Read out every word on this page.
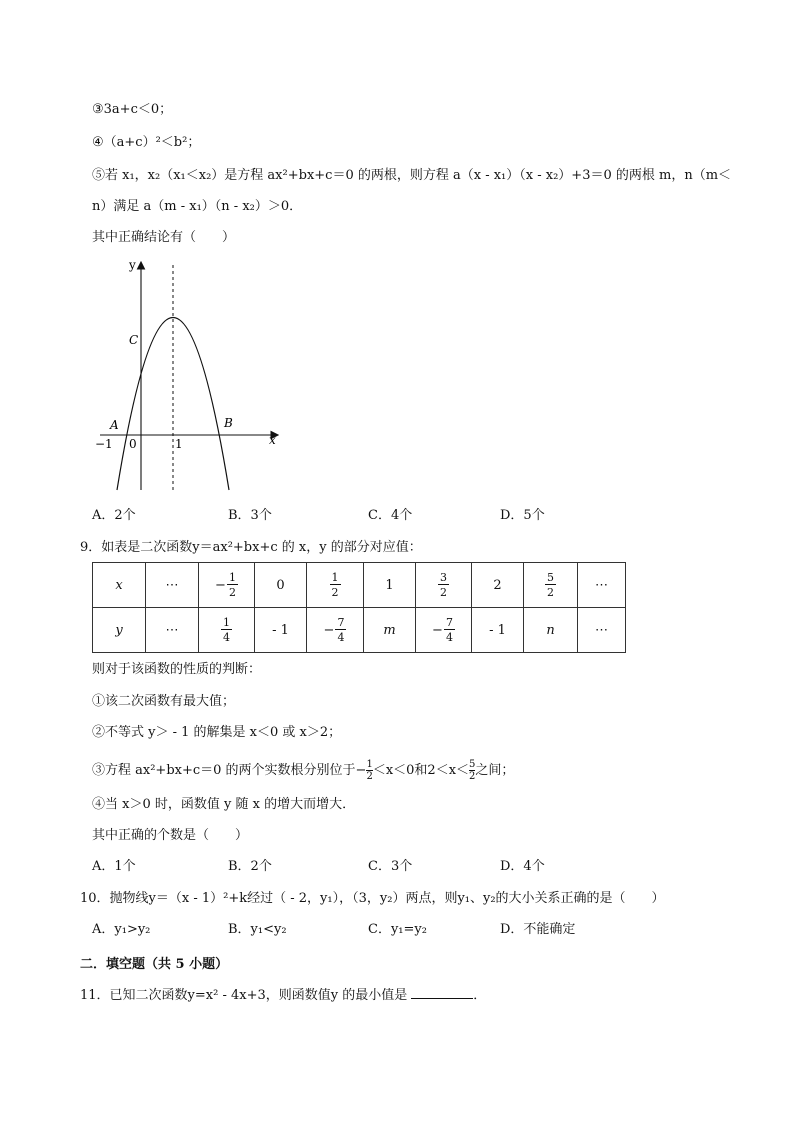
③3a+c＜0；
④（a+c）²＜b²；
⑤若 x₁，x₂（x₁＜x₂）是方程 ax²+bx+c＝0 的两根，则方程 a（x - x₁）（x - x₂）+3＝0 的两根 m，n（m＜
n）满足 a（m - x₁）（n - x₂）＞0．
其中正确结论有（　　）
y
x
C
A	B
−1 0	1
A．2个	B．3个	C．4个	D．5个
9．如表是二次函数y＝ax²+bx+c 的 x，y 的部分对应值：
x	⋯	− $\frac{1}{2}$	0	$\frac{1}{2}$	1	$\frac{3}{2}$	2	$\frac{5}{2}$	⋯
y	⋯	$\frac{1}{4}$	- 1	− $\frac{7}{4}$	m	− $\frac{7}{4}$	- 1	n	⋯
则对于该函数的性质的判断：
①该二次函数有最大值；
②不等式 y＞ - 1 的解集是 x＜0 或 x＞2；
③方程 ax²+bx+c＝0 的两个实数根分别位于− $\frac{1}{2} <x<0$和$2<x< \frac{5}{2}$ 之间；
④当 x＞0 时，函数值 y 随 x 的增大而增大．
其中正确的个数是（　　）
A．1个	B．2个	C．3个	D．4个
10．抛物线y＝（x - 1）²+k经过（ - 2，y₁），（3，y₂）两点，则y₁、y₂的大小关系正确的是（　　）
A．y₁>y₂	B．y₁<y₂	C．y₁=y₂	D．不能确定
二．填空题（共 5 小题）
11．已知二次函数y=x² - 4x+3，则函数值y 的最小值是	．
